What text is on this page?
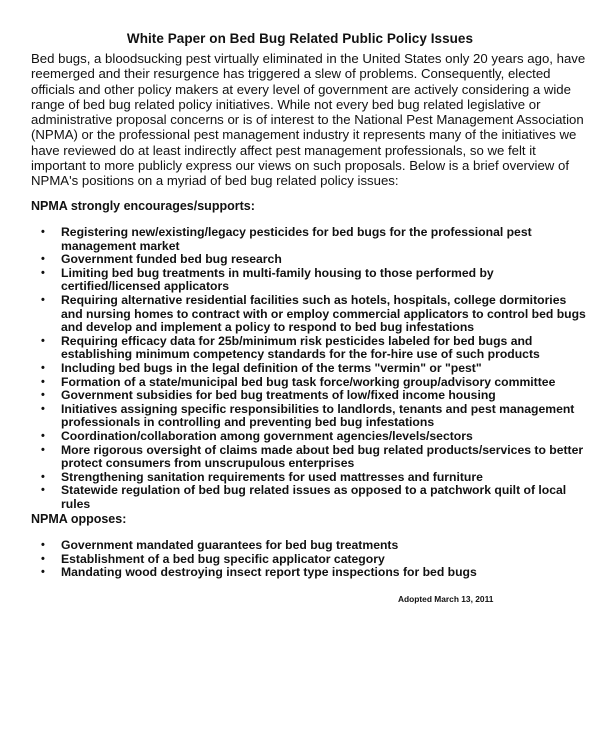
White Paper on Bed Bug Related Public Policy Issues

Bed bugs, a bloodsucking pest virtually eliminated in the United States only 20 years ago, have reemerged and their resurgence has triggered a slew of problems. Consequently, elected officials and other policy makers at every level of government are actively considering a wide range of bed bug related policy initiatives. While not every bed bug related legislative or administrative proposal concerns or is of interest to the National Pest Management Association (NPMA) or the professional pest management industry it represents many of the initiatives we have reviewed do at least indirectly affect pest management professionals, so we felt it important to more publicly express our views on such proposals. Below is a brief overview of NPMA's positions on a myriad of bed bug related policy issues:

NPMA strongly encourages/supports:

• Registering new/existing/legacy pesticides for bed bugs for the professional pest management market
• Government funded bed bug research
• Limiting bed bug treatments in multi-family housing to those performed by certified/licensed applicators
• Requiring alternative residential facilities such as hotels, hospitals, college dormitories and nursing homes to contract with or employ commercial applicators to control bed bugs and develop and implement a policy to respond to bed bug infestations
• Requiring efficacy data for 25b/minimum risk pesticides labeled for bed bugs and establishing minimum competency standards for the for-hire use of such products
• Including bed bugs in the legal definition of the terms "vermin" or "pest"
• Formation of a state/municipal bed bug task force/working group/advisory committee
• Government subsidies for bed bug treatments of low/fixed income housing
• Initiatives assigning specific responsibilities to landlords, tenants and pest management professionals in controlling and preventing bed bug infestations
• Coordination/collaboration among government agencies/levels/sectors
• More rigorous oversight of claims made about bed bug related products/services to better protect consumers from unscrupulous enterprises
• Strengthening sanitation requirements for used mattresses and furniture
• Statewide regulation of bed bug related issues as opposed to a patchwork quilt of local rules

NPMA opposes:

• Government mandated guarantees for bed bug treatments
• Establishment of a bed bug specific applicator category
• Mandating wood destroying insect report type inspections for bed bugs
Adopted March 13, 2011
